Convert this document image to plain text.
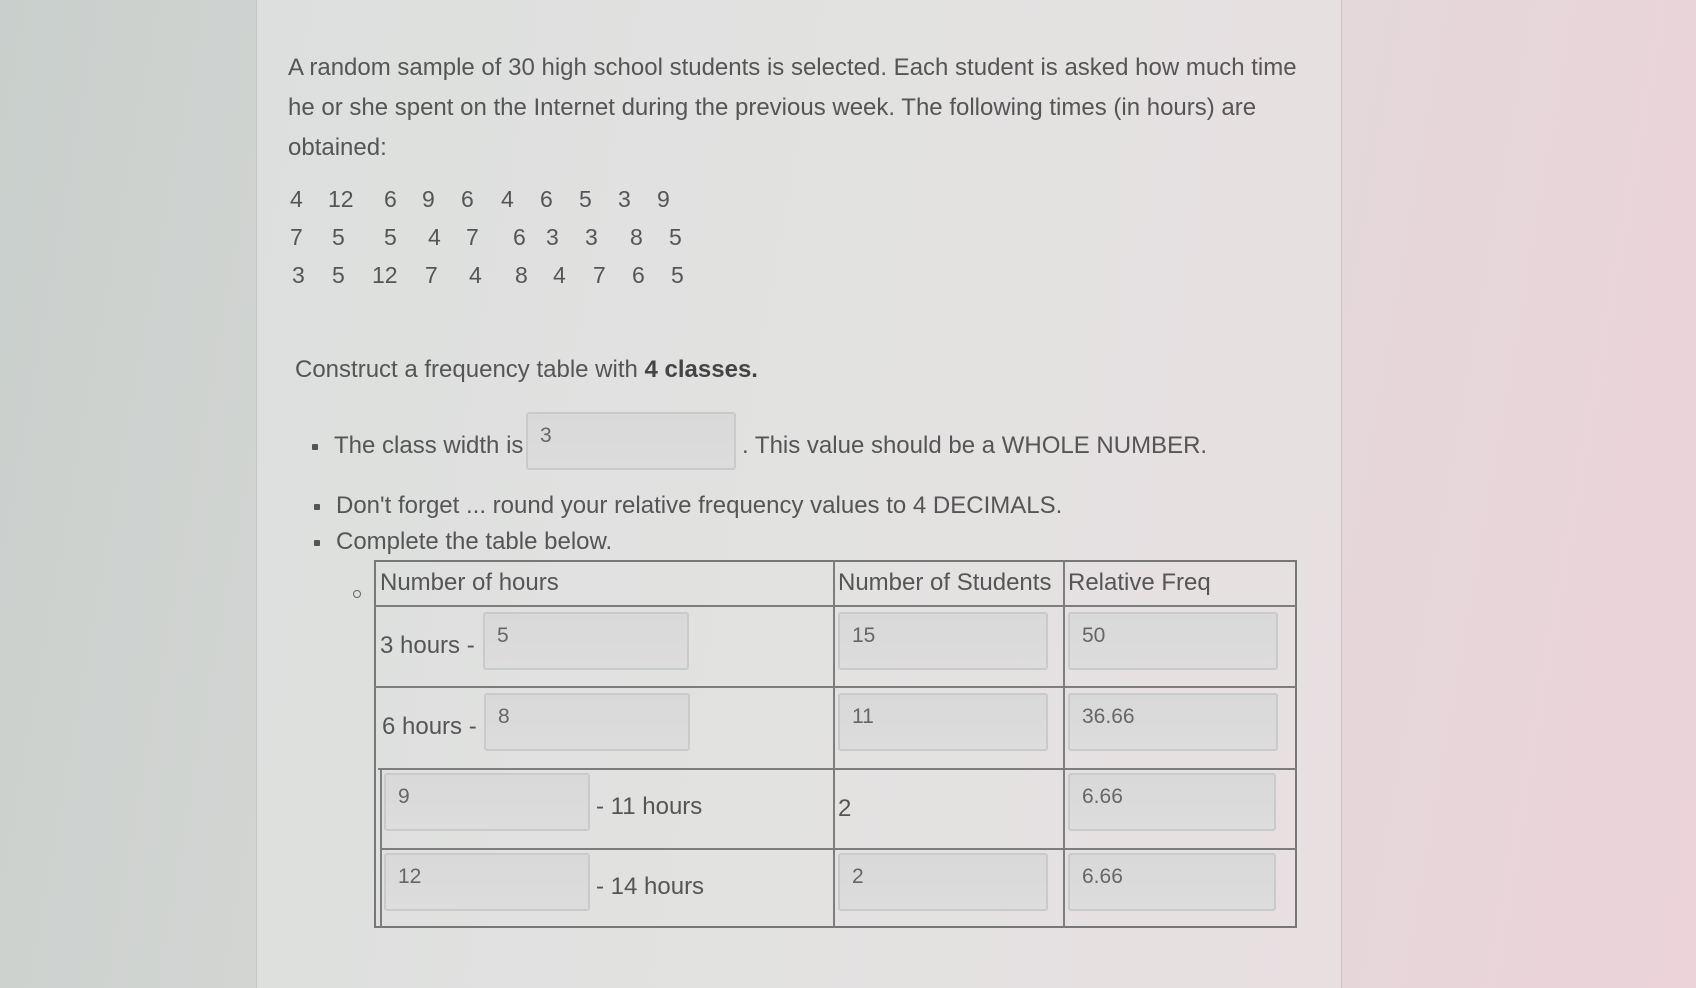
A random sample of 30 high school students is selected. Each student is asked how much time he or she spent on the Internet during the previous week. The following times (in hours) are obtained:
4 12 6 9 6 4 6 5 3 9
7 5 5 4 7 6 3 3 8 5
3 5 12 7 4 8 4 7 6 5
Construct a frequency table with 4 classes.
The class width is 3	. This value should be a WHOLE NUMBER.
Don't forget ... round your relative frequency values to 4 DECIMALS.
Complete the table below.
Number of hours	Number of Students Relative Freq
3 hours -	5	15	50
6 hours -	8	11	36.66
9	- 11 hours	2	6.66
12	- 14 hours	2	6.66
